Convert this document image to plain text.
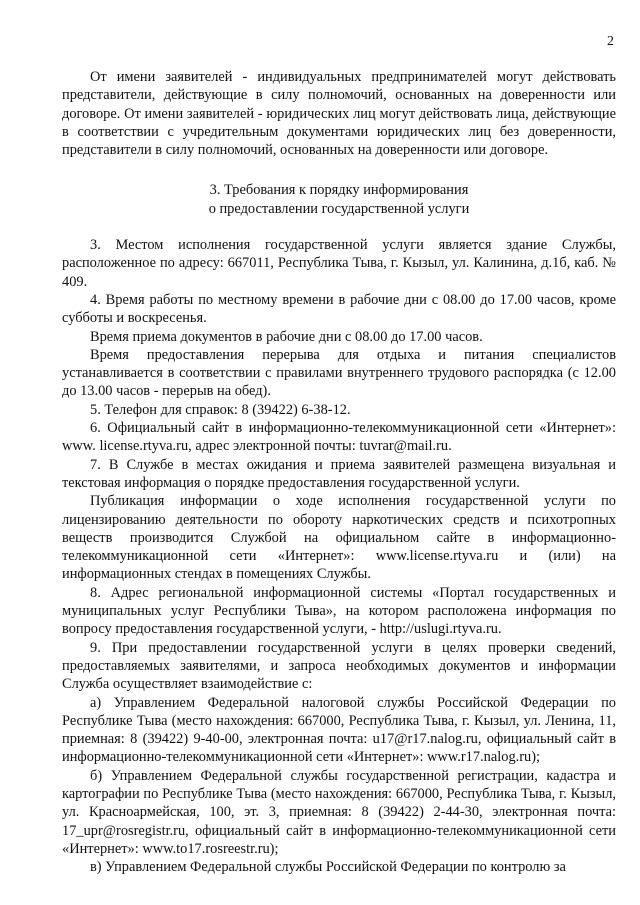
2

От имени заявителей - индивидуальных предпринимателей могут действовать представители, действующие в силу полномочий, основанных на доверенности или договоре. От имени заявителей - юридических лиц могут действовать лица, действующие в соответствии с учредительным документами юридических лиц без доверенности, представители в силу полномочий, основанных на доверенности или договоре.

3. Требования к порядку информирования
о предоставлении государственной услуги

3. Местом исполнения государственной услуги является здание Службы, расположенное по адресу: 667011, Республика Тыва, г. Кызыл, ул. Калинина, д.1б, каб. № 409.

4. Время работы по местному времени в рабочие дни с 08.00 до 17.00 часов, кроме субботы и воскресенья.

Время приема документов в рабочие дни с 08.00 до 17.00 часов.

Время предоставления перерыва для отдыха и питания специалистов устанавливается в соответствии с правилами внутреннего трудового распорядка (с 12.00 до 13.00 часов - перерыв на обед).

5. Телефон для справок: 8 (39422) 6-38-12.

6. Официальный сайт в информационно-телекоммуникационной сети «Интернет»: www. license.rtyva.ru, адрес электронной почты: tuvrar@mail.ru.

7. В Службе в местах ожидания и приема заявителей размещена визуальная и текстовая информация о порядке предоставления государственной услуги.

Публикация информации о ходе исполнения государственной услуги по лицензированию деятельности по обороту наркотических средств и психотропных веществ производится Службой на официальном сайте в информационно-телекоммуникационной сети «Интернет»: www.license.rtyva.ru и (или) на информационных стендах в помещениях Службы.

8. Адрес региональной информационной системы «Портал государственных и муниципальных услуг Республики Тыва», на котором расположена информация по вопросу предоставления государственной услуги, - http://uslugi.rtyva.ru.

9. При предоставлении государственной услуги в целях проверки сведений, предоставляемых заявителями, и запроса необходимых документов и информации Служба осуществляет взаимодействие с:

а) Управлением Федеральной налоговой службы Российской Федерации по Республике Тыва (место нахождения: 667000, Республика Тыва, г. Кызыл, ул. Ленина, 11, приемная: 8 (39422) 9-40-00, электронная почта: u17@r17.nalog.ru, официальный сайт в информационно-телекоммуникационной сети «Интернет»: www.r17.nalog.ru);

б) Управлением Федеральной службы государственной регистрации, кадастра и картографии по Республике Тыва (место нахождения: 667000, Республика Тыва, г. Кызыл, ул. Красноармейская, 100, эт. 3, приемная: 8 (39422) 2-44-30, электронная почта: 17_upr@rosregistr.ru, официальный сайт в информационно-телекоммуникационной сети «Интернет»: www.to17.rosreestr.ru);

в) Управлением Федеральной службы Российской Федерации по контролю за
